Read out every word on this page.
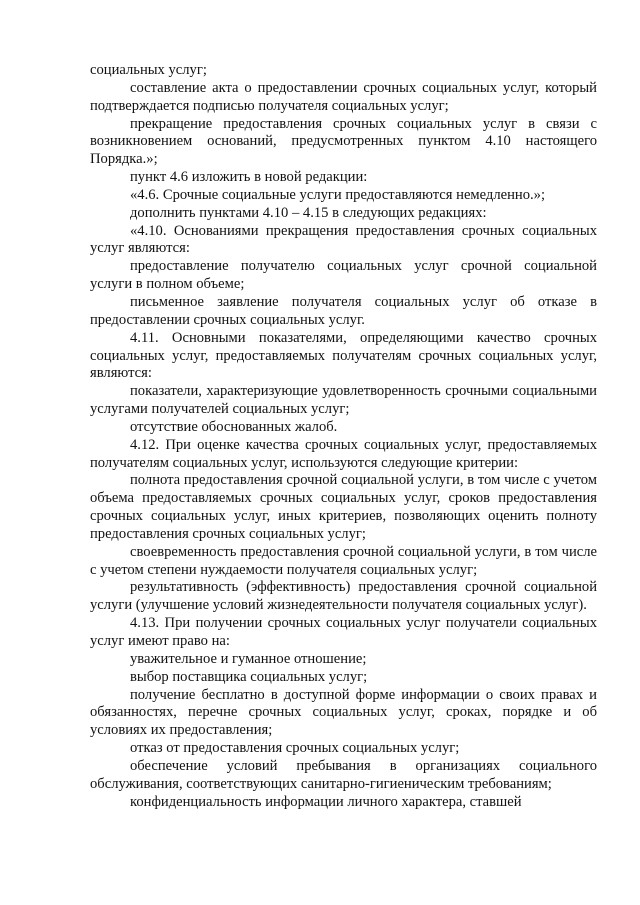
социальных услуг;

составление акта о предоставлении срочных социальных услуг, который подтверждается подписью получателя социальных услуг;

прекращение предоставления срочных социальных услуг в связи с возникновением оснований, предусмотренных пунктом 4.10 настоящего Порядка.»;

пункт 4.6 изложить в новой редакции:

«4.6. Срочные социальные услуги предоставляются немедленно.»;

дополнить пунктами 4.10 – 4.15 в следующих редакциях:

«4.10. Основаниями прекращения предоставления срочных социальных услуг являются:

предоставление получателю социальных услуг срочной социальной услуги в полном объеме;

письменное заявление получателя социальных услуг об отказе в предоставлении срочных социальных услуг.

4.11. Основными показателями, определяющими качество срочных социальных услуг, предоставляемых получателям срочных социальных услуг, являются:

показатели, характеризующие удовлетворенность срочными социальными услугами получателей социальных услуг;

отсутствие обоснованных жалоб.

4.12. При оценке качества срочных социальных услуг, предоставляемых получателям социальных услуг, используются следующие критерии:

полнота предоставления срочной социальной услуги, в том числе с учетом объема предоставляемых срочных социальных услуг, сроков предоставления срочных социальных услуг, иных критериев, позволяющих оценить полноту предоставления срочных социальных услуг;

своевременность предоставления срочной социальной услуги, в том числе с учетом степени нуждаемости получателя социальных услуг;

результативность (эффективность) предоставления срочной социальной услуги (улучшение условий жизнедеятельности получателя социальных услуг).

4.13. При получении срочных социальных услуг получатели социальных услуг имеют право на:

уважительное и гуманное отношение;

выбор поставщика социальных услуг;

получение бесплатно в доступной форме информации о своих правах и обязанностях, перечне срочных социальных услуг, сроках, порядке и об условиях их предоставления;

отказ от предоставления срочных социальных услуг;

обеспечение условий пребывания в организациях социального обслуживания, соответствующих санитарно-гигиеническим требованиям;

конфиденциальность информации личного характера, ставшей
